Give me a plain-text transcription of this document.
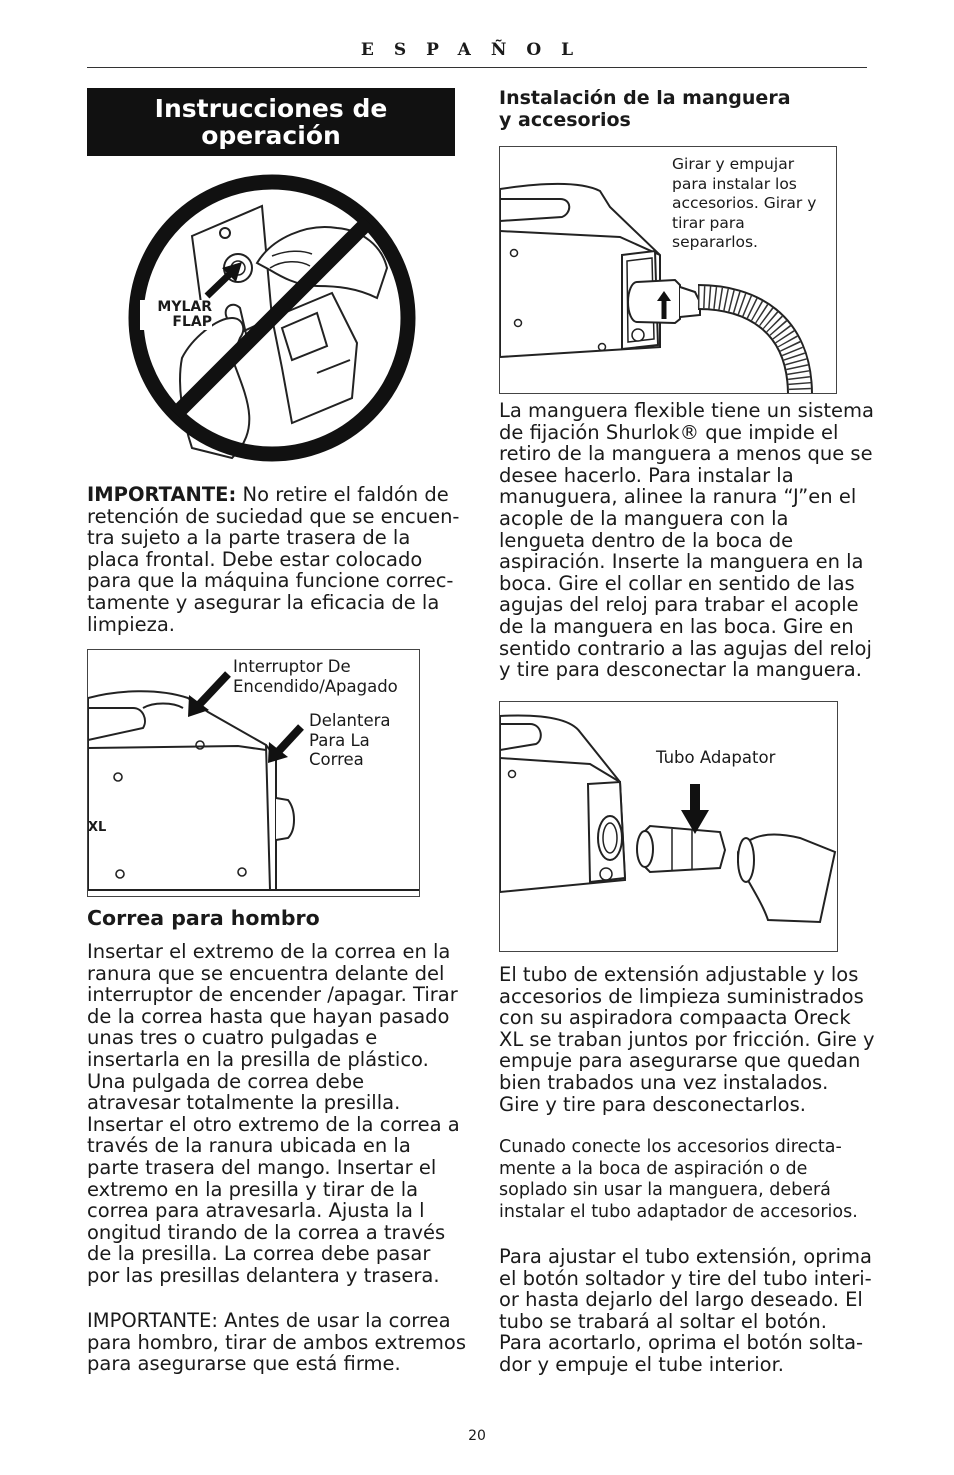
ESPAÑOL
Instrucciones de
operación
MYLAR
FLAP
IMPORTANTE: No retire el faldón de
retención de suciedad que se encuen-
tra sujeto a la parte trasera de la
placa frontal. Debe estar colocado
para que la máquina funcione correc-
tamente y asegurar la eficacia de la
limpieza.
XL
Interruptor De
Encendido/Apagado
Delantera
Para La
Correa
Correa para hombro
Insertar el extremo de la correa en la
ranura que se encuentra delante del
interruptor de encender /apagar. Tirar
de la correa hasta que hayan pasado
unas tres o cuatro pulgadas e
insertarla en la presilla de plástico.
Una pulgada de correa debe
atravesar totalmente la presilla.
Insertar el otro extremo de la correa a
través de la ranura ubicada en la
parte trasera del mango. Insertar el
extremo en la presilla y tirar de la
correa para atravesarla. Ajusta la l
ongitud tirando de la correa a través
de la presilla. La correa debe pasar
por las presillas delantera y trasera.
IMPORTANTE: Antes de usar la correa
para hombro, tirar de ambos extremos
para asegurarse que está firme.
Instalación de la manguera
y accesorios
Girar y empujar
para instalar los
accesorios. Girar y
tirar para
separarlos.
La manguera flexible tiene un sistema
de fijación Shurlok® que impide el
retiro de la manguera a menos que se
desee hacerlo. Para instalar la
manuguera, alinee la ranura “J”en el
acople de la manguera con la
lengueta dentro de la boca de
aspiración. Inserte la manguera en la
boca. Gire el collar en sentido de las
agujas del reloj para trabar el acople
de la manguera en las boca. Gire en
sentido contrario a las agujas del reloj
y tire para desconectar la manguera.
Tubo Adapator
El tubo de extensión adjustable y los
accesorios de limpieza suministrados
con su aspiradora compaacta Oreck
XL se traban juntos por fricción. Gire y
empuje para asegurarse que quedan
bien trabados una vez instalados.
Gire y tire para desconectarlos.
Cunado conecte los accesorios directa-
mente a la boca de aspiración o de
soplado sin usar la manguera, deberá
instalar el tubo adaptador de accesorios.
Para ajustar el tubo extensión, oprima
el botón soltador y tire del tubo interi-
or hasta dejarlo del largo deseado. El
tubo se trabará al soltar el botón.
Para acortarlo, oprima el botón solta-
dor y empuje el tube interior.
20
